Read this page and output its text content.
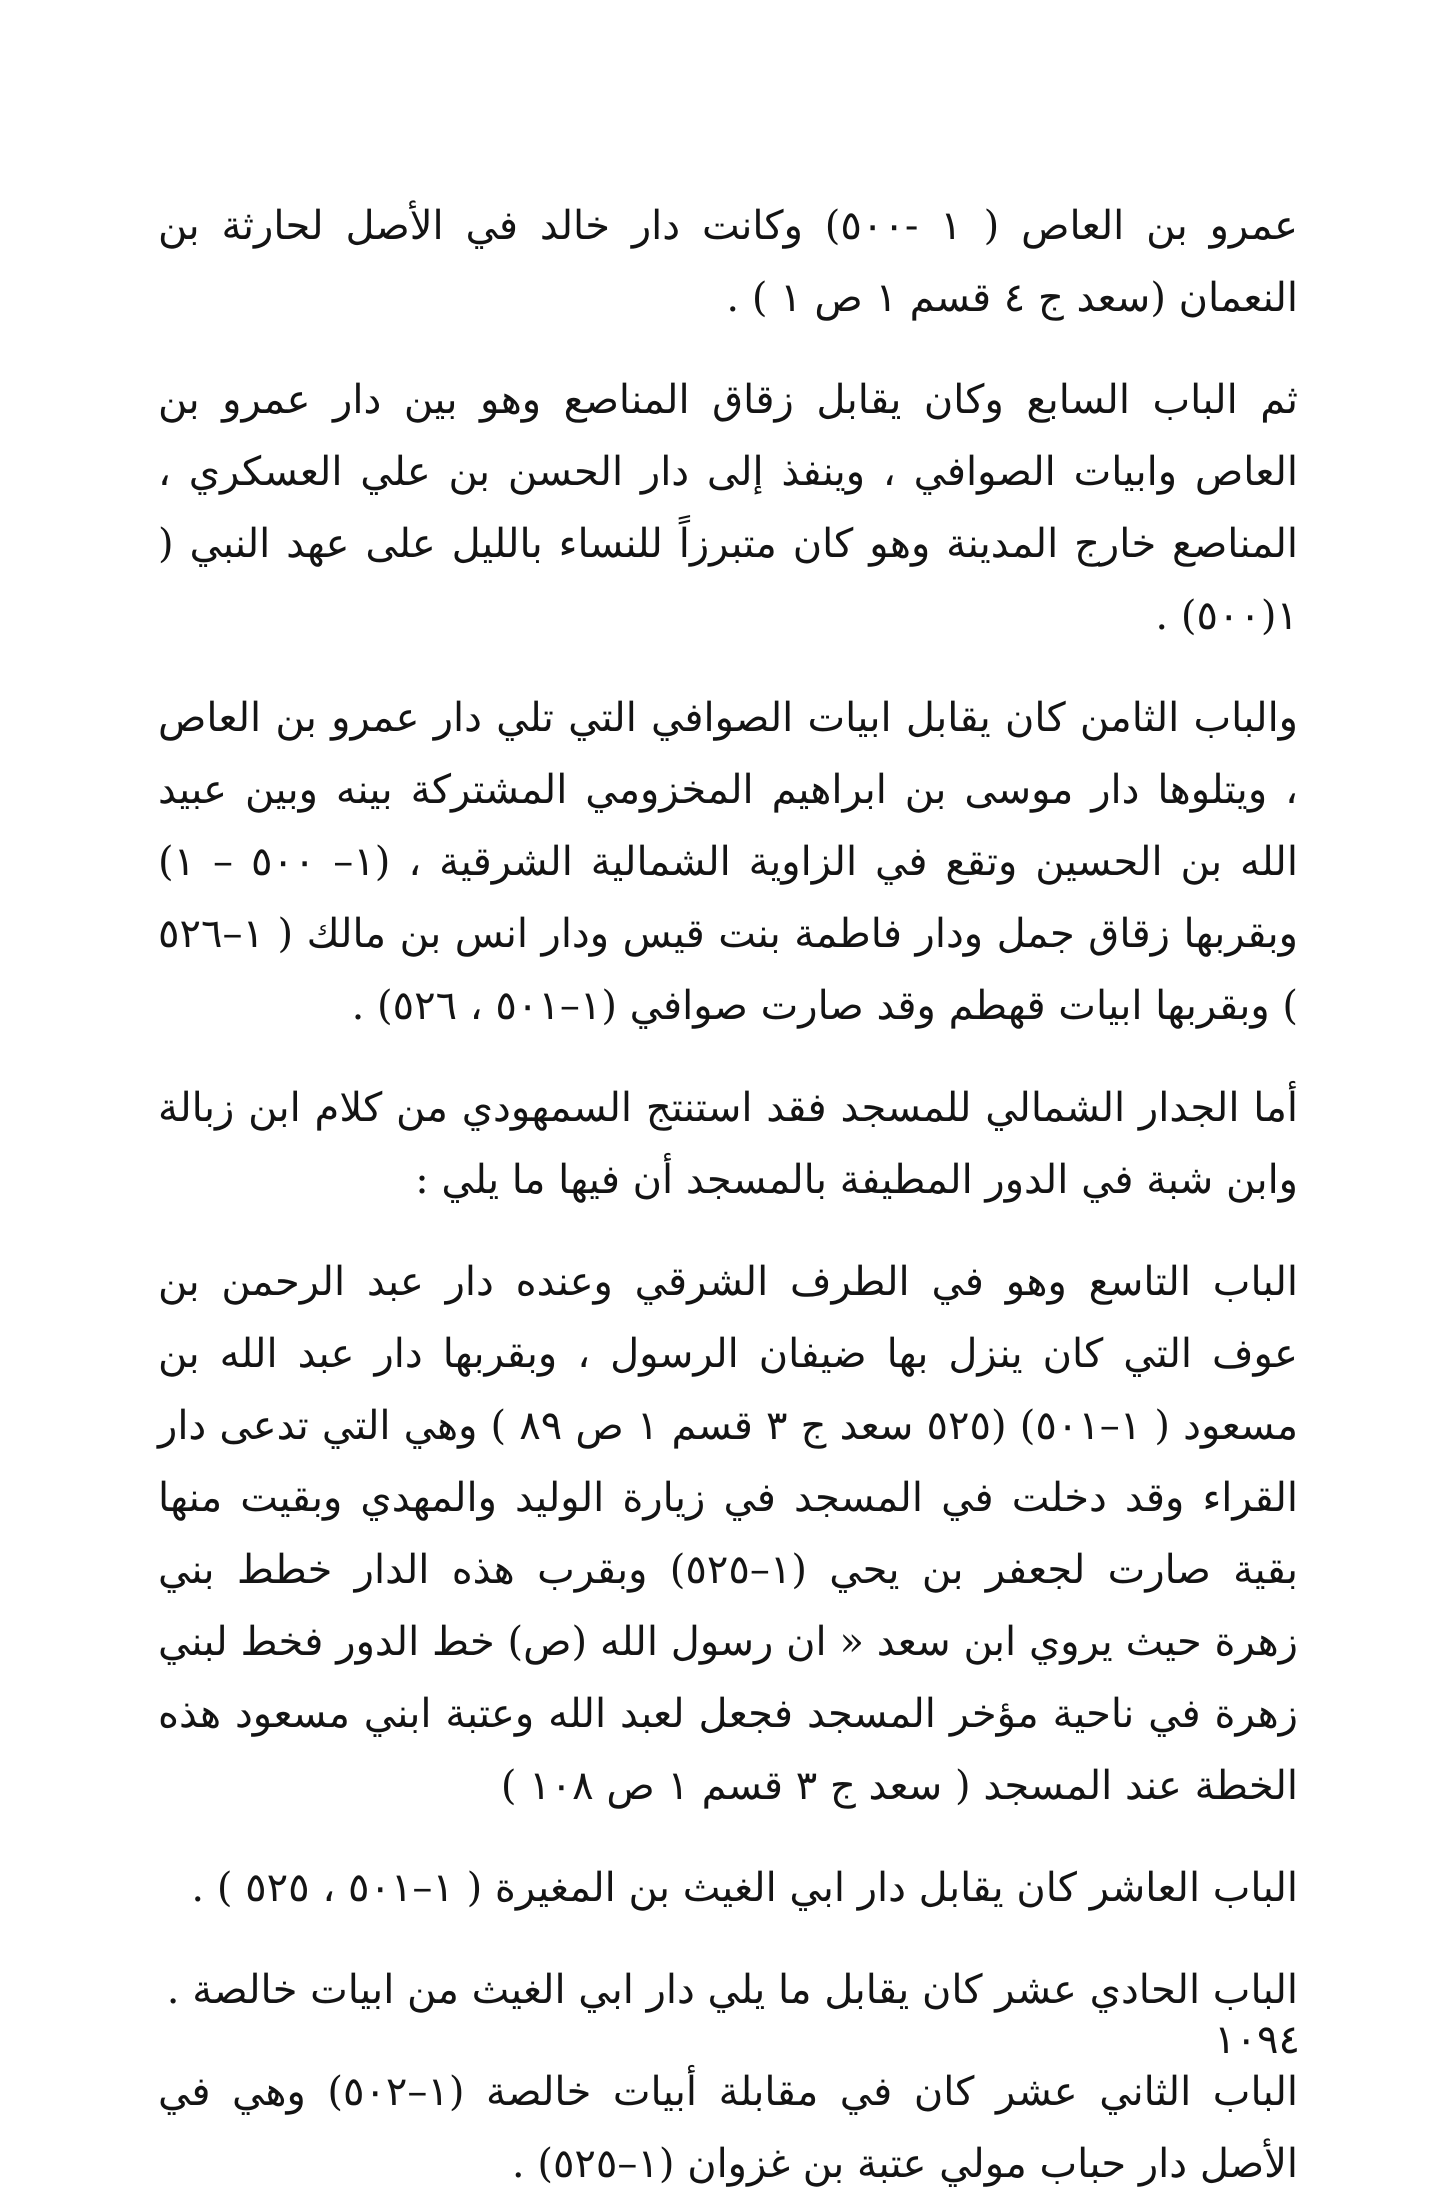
عمرو بن العاص ( ١ -٥٠٠) وكانت دار خالد في الأصل لحارثة بن النعمان (سعد ج ٤ قسم ١ ص ١ ) .

ثم الباب السابع وكان يقابل زقاق المناصع وهو بين دار عمرو بن العاص وابيات الصوافي ، وينفذ إلى دار الحسن بن علي العسكري ، المناصع خارج المدينة وهو كان متبرزاً للنساء بالليل على عهد النبي ( ١(٥٠٠) .

والباب الثامن كان يقابل ابيات الصوافي التي تلي دار عمرو بن العاص ، ويتلوها دار موسى بن ابراهيم المخزومي المشتركة بينه وبين عبيد الله بن الحسين وتقع في الزاوية الشمالية الشرقية ، (١– ٥٠٠ – ١) وبقربها زقاق جمل ودار فاطمة بنت قيس ودار انس بن مالك ( ١–٥٢٦ ) وبقربها ابيات قهطم وقد صارت صوافي (١–٥٠١ ، ٥٢٦) .

أما الجدار الشمالي للمسجد فقد استنتج السمهودي من كلام ابن زبالة وابن شبة في الدور المطيفة بالمسجد أن فيها ما يلي :

الباب التاسع وهو في الطرف الشرقي وعنده دار عبد الرحمن بن عوف التي كان ينزل بها ضيفان الرسول ، وبقربها دار عبد الله بن مسعود ( ١–٥٠١) (٥٢٥ سعد ج ٣ قسم ١ ص ٨٩ ) وهي التي تدعى دار القراء وقد دخلت في المسجد في زيارة الوليد والمهدي وبقيت منها بقية صارت لجعفر بن يحي (١–٥٢٥) وبقرب هذه الدار خطط بني زهرة حيث يروي ابن سعد « ان رسول الله (ص) خط الدور فخط لبني زهرة في ناحية مؤخر المسجد فجعل لعبد الله وعتبة ابني مسعود هذه الخطة عند المسجد ( سعد ج ٣ قسم ١ ص ١٠٨ )

الباب العاشر كان يقابل دار ابي الغيث بن المغيرة ( ١–٥٠١ ، ٥٢٥ ) .

الباب الحادي عشر كان يقابل ما يلي دار ابي الغيث من ابيات خالصة .

الباب الثاني عشر كان في مقابلة أبيات خالصة (١–٥٠٢) وهي في الأصل دار حباب مولي عتبة بن غزوان (١–٥٢٥) .

١٠٩٤
